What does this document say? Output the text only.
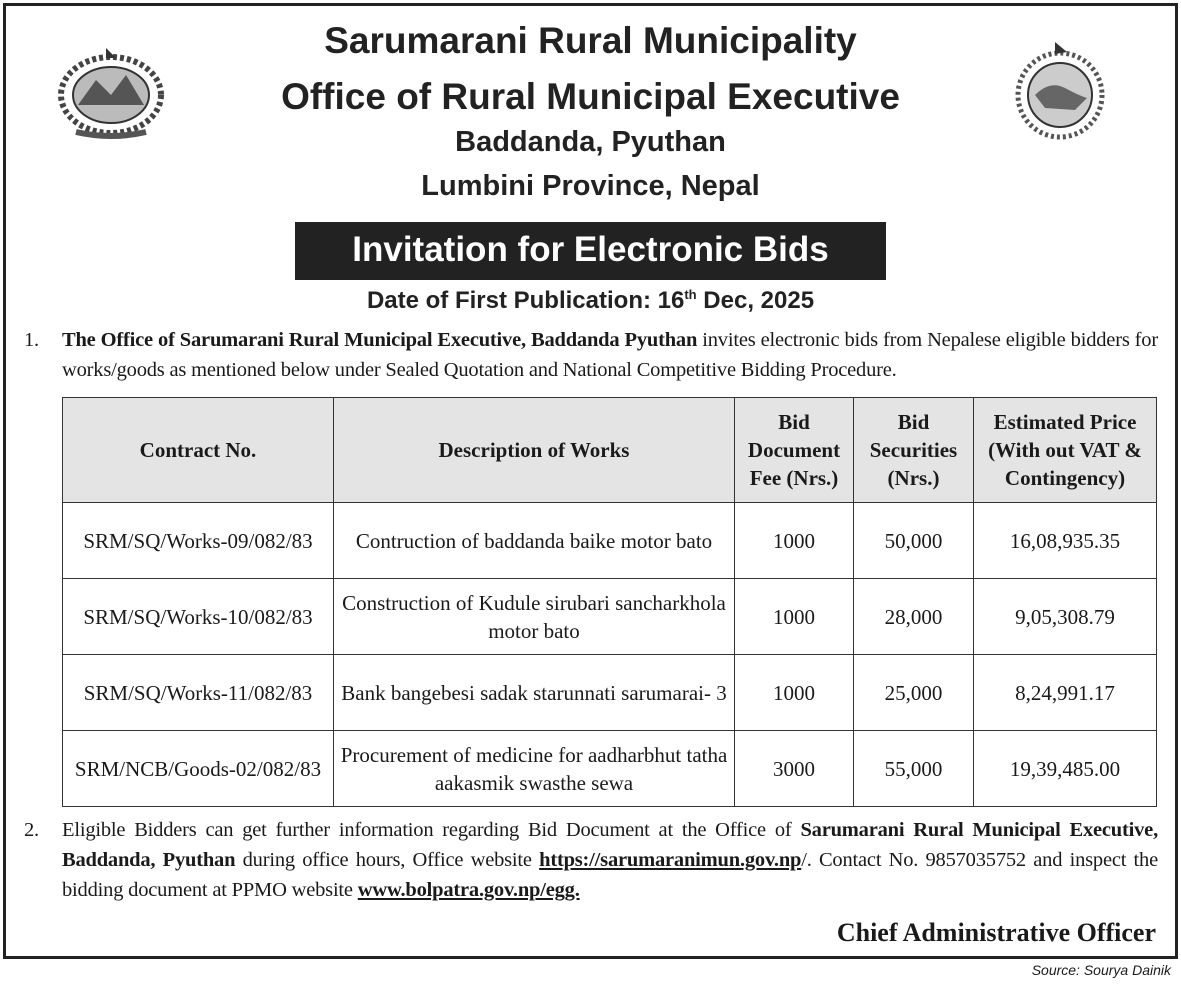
Sarumarani Rural Municipality
Office of Rural Municipal Executive
Baddanda, Pyuthan
Lumbini Province, Nepal
Invitation for Electronic Bids
Date of First Publication: 16th Dec, 2025
1. The Office of Sarumarani Rural Municipal Executive, Baddanda Pyuthan invites electronic bids from Nepalese eligible bidders for works/goods as mentioned below under Sealed Quotation and National Competitive Bidding Procedure.
Contract No.	Description of Works	Bid Document Fee (Nrs.)	Bid Securities (Nrs.)	Estimated Price (With out VAT & Contingency)
SRM/SQ/Works-09/082/83	Contruction of baddanda baike motor bato	1000	50,000	16,08,935.35
SRM/SQ/Works-10/082/83	Construction of Kudule sirubari sancharkhola motor bato	1000	28,000	9,05,308.79
SRM/SQ/Works-11/082/83	Bank bangebesi sadak starunnati sarumarai- 3	1000	25,000	8,24,991.17
SRM/NCB/Goods-02/082/83	Procurement of medicine for aadharbhut tatha aakasmik swasthe sewa	3000	55,000	19,39,485.00
2. Eligible Bidders can get further information regarding Bid Document at the Office of Sarumarani Rural Municipal Executive, Baddanda, Pyuthan during office hours, Office website https://sarumaranimun.gov.np/. Contact No. 9857035752 and inspect the bidding document at PPMO website www.bolpatra.gov.np/egg.
Chief Administrative Officer
Source: Sourya Dainik
